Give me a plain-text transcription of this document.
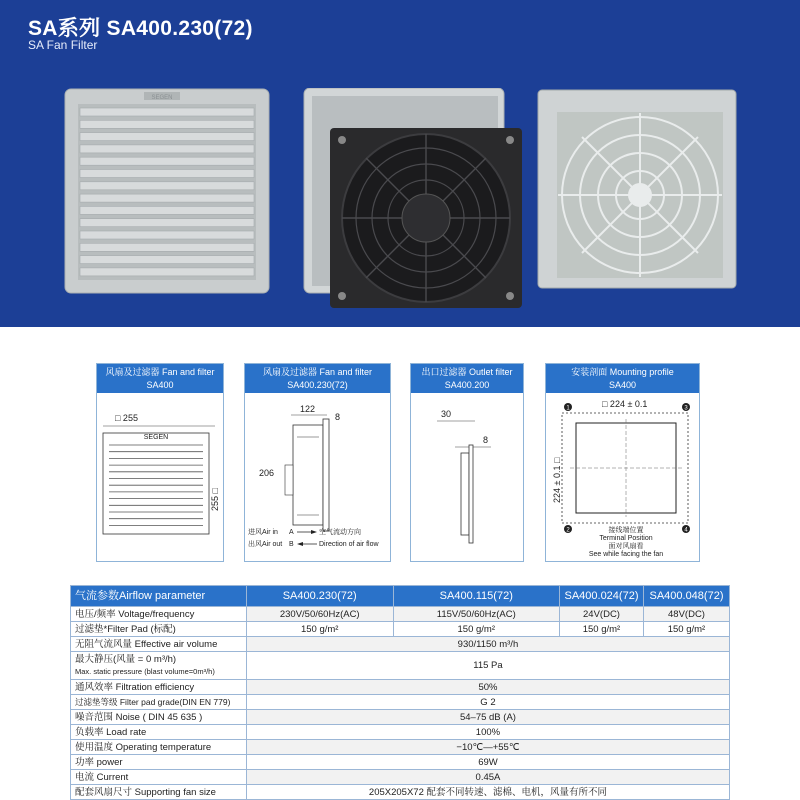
SA系列 SA400.230(72)
SA Fan Filter
SEGEN
风扇及过滤器 Fan and filter
SA400
□ 255
SEGEN
255 □
风扇及过滤器 Fan and filter
SA400.230(72)
122
8
206
进风Air in A	空气流动方向
出风Air out B	Direction of air flow
出口过滤器 Outlet filter
SA400.200
30
8
安装剖面 Mounting profile
SA400
□ 224 ± 0.1
224 ± 0.1 □
1	3
2	4
接线端位置
Terminal Position
面对风扇看
See while facing the fan
气流参数Airflow parameter	SA400.230(72)	SA400.115(72)	SA400.024(72)	SA400.048(72)
电压/频率 Voltage/frequency	230V/50/60Hz(AC)	115V/50/60Hz(AC)	24V(DC)	48V(DC)
过滤垫*Filter Pad (标配)	150 g/m²	150 g/m²	150 g/m²	150 g/m²
无阻气流风量 Effective air volume	930/1150 m³/h			

最大静压(风量 = 0 m³/h)
Max. static pressure (blast volume=0m³/h)	115 Pa			
通风效率 Filtration efficiency	50%			
过滤垫等级 Filter pad grade(DIN EN 779)	G 2			
噪音范围 Noise ( DIN 45 635 )	54–75 dB (A)			
负载率 Load rate	100%			
使用温度 Operating temperature	−10℃—+55℃			
功率 power	69W			
电流 Current	0.45A			
配套风扇尺寸 Supporting fan size	205X205X72 配套不同转速、滤棉、电机，风量有所不同			
